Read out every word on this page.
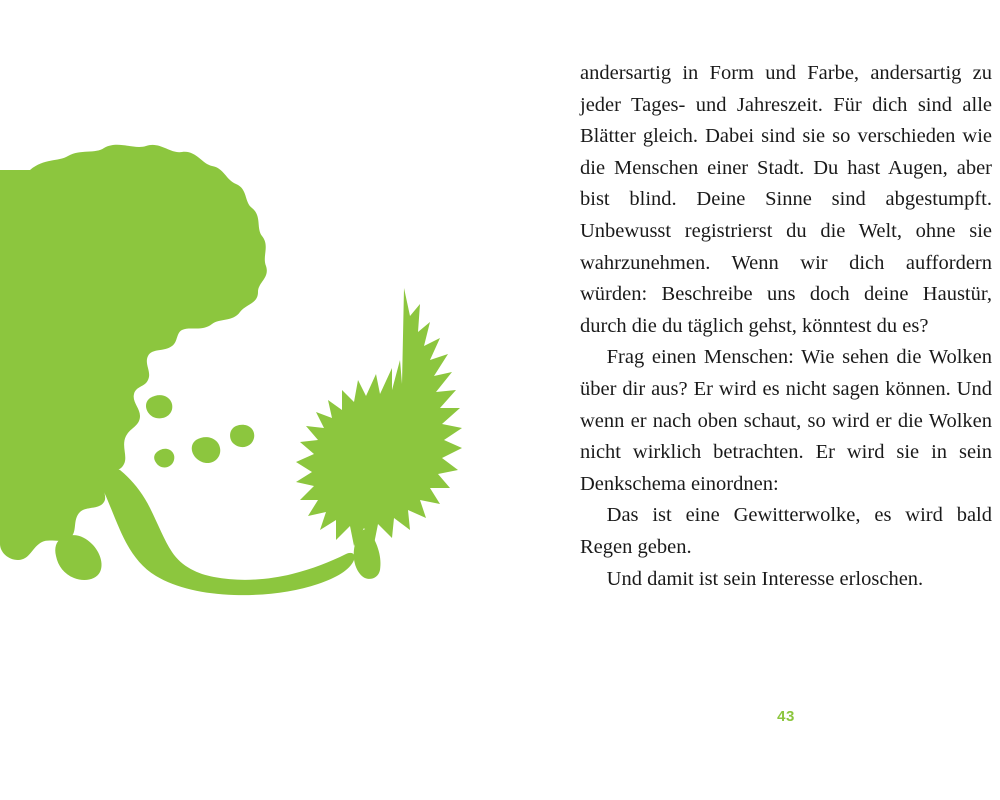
andersartig in Form und Farbe, andersartig zu jeder Tages- und Jahreszeit. Für dich sind alle Blätter gleich. Dabei sind sie so verschieden wie die Menschen einer Stadt. Du hast Augen, aber bist blind. Deine Sinne sind abgestumpft. Unbewusst registrierst du die Welt, ohne sie wahrzunehmen. Wenn wir dich auffordern würden: Beschreibe uns doch deine Haustür, durch die du täglich gehst, könntest du es?

Frag einen Menschen: Wie sehen die Wolken über dir aus? Er wird es nicht sagen können. Und wenn er nach oben schaut, so wird er die Wolken nicht wirklich betrachten. Er wird sie in sein Denkschema einordnen:

Das ist eine Gewitterwolke, es wird bald Regen geben.

Und damit ist sein Interesse erloschen.

43
